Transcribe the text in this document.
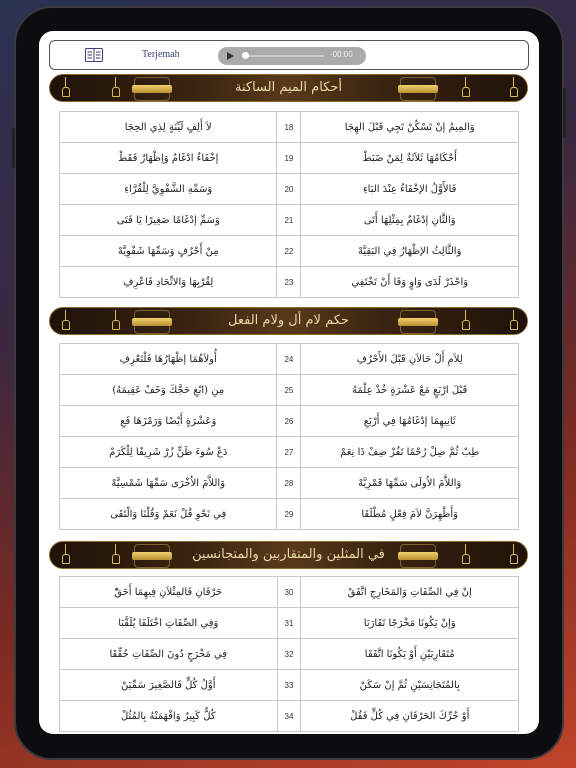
Terjemah	-00:00
أحكام الميم الساكنة
لاَ أَلِفٍ لَيِّنَةٍ لِذِي الحِجَا	18	وَالمِيمُ إنْ تَسْكُنْ تَجِي قَبْلَ الهِجَا
إخْفَاءٌ ادْغَامٌ وَإظْهَارٌ فَقَطْ	19	أَحْكَامُهَا ثَلاَثَةٌ لِمَنْ ضَبَطْ
وَسَمِّهِ الشَّفْوِيَّ لِلْقُرَّاءِ	20	فَالأَوَّلُ الإخْفَاءُ عِنْدَ البَاءِ
وَسَمِّ إدْغَامًا صَغِيرًا يَا فَتَى	21	وَالثَّانِ إدْغَامٌ بِمِثْلِهَا أَتَى
مِنْ أَحْرُفٍ وَسَمِّهَا شَفْوِيَّهْ	22	وَالثَّالِثُ الإظْهَارُ فِي البَقِيَّهْ
لِقُرْبِهَا وَالاتِّحَادِ فَاعْرِفِ	23	وَاحْذَرْ لَدَى وَاوٍ وَفَا أَنْ تَخْتَفِي
حكم لام أل ولام الفعل
أُولاَهُمَا إظْهَارُهَا فَلْتَعْرِفِ	24	لِلاَمِ أَلْ حَالاَنِ قَبْلَ الأَحْرُفِ
مِنِ (ابْغِ حَجَّكَ وَخَفْ عَقِيمَهُ)	25	قَبْلَ ارْبَعٍ مَعْ عَشْرَةٍ خُذْ عِلْمَهُ
وَعَشْرَةٍ أَيْضًا وَرَمْزَهَا فَعِ	26	ثَانِيهِمَا إدْغَامُهَا فِي أَرْبَعِ
دَعْ سُوءَ ظَنٍّ زُرْ شَرِيفًا لِلْكَرَمْ	27	طِبْ ثُمَّ صِلْ رُحْمًا تَفُزْ ضِفْ ذَا نِعَمْ
وَاللاَّمَ الاُخْرَى سَمِّهَا شَمْسِيَّهْ	28	وَاللاَّمَ الاُولَى سَمِّهَا قَمْرِيَّهْ
فِي نَحْوِ قُلْ نَعَمْ وَقُلْنَا وَالْتَقَى	29	وَأَظْهِرَنَّ لاَمَ فِعْلٍ مُطْلَقَا
في المثلين والمتقاربين والمتجانسين
حَرْفَانِ فَالمِثْلاَنِ فِيهِمَا أَحَقّْ	30	إنْ فِي الصِّفَاتِ وَالمَخَارِجِ اتَّفَقْ
وَفِي الصِّفَاتِ اخْتَلَفَا يُلَقَّبَا	31	وَإنْ يَكُونَا مَخْرَجًا تَقَارَبَا
فِي مَخْرَجٍ دُونَ الصِّفَاتِ حُقِّقَا	32	مُتَقَارِبَيْنِ أَوْ يَكُونَا اتَّفَقَا
أَوَّلُ كُلٍّ فَالصَّغِيرَ سَمِّيَنْ	33	بِالمُتَجَانِسَيْنِ ثُمَّ إنْ سَكَنْ
كُلٌّ كَبِيرٌ وَافْهَمَنْهُ بِالمُثُلْ	34	أَوْ حُرِّكَ الحَرْفَانِ فِي كُلٍّ فَقُلْ
